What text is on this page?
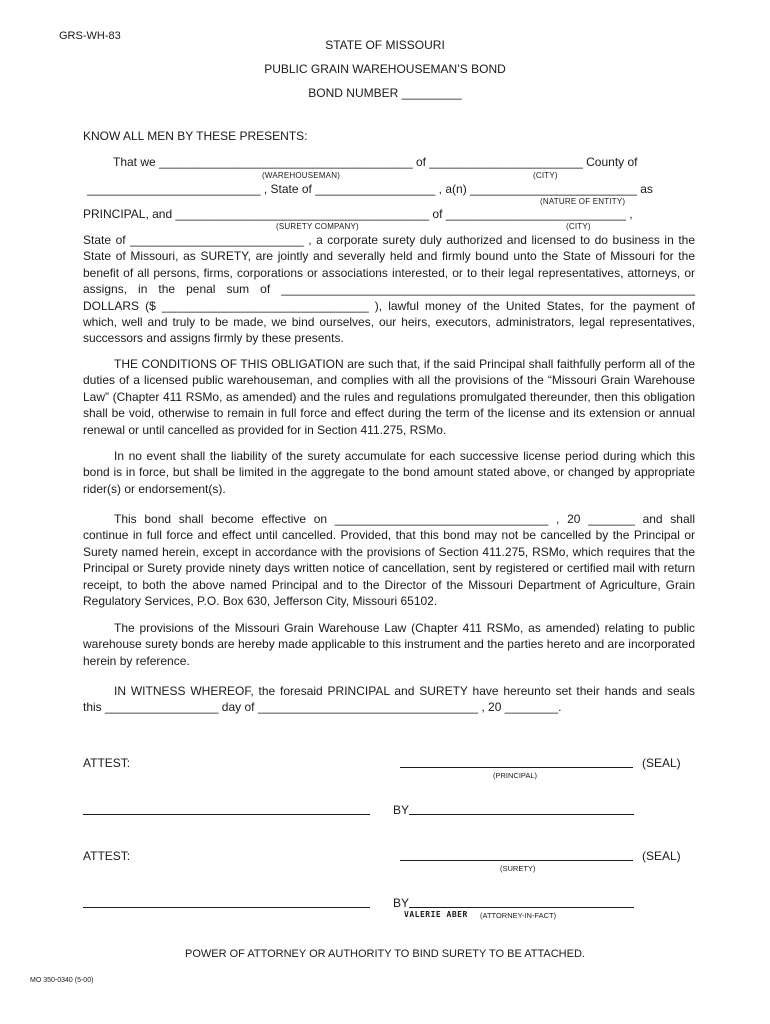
GRS-WH-83
STATE OF MISSOURI
PUBLIC GRAIN WAREHOUSEMAN’S BOND
BOND NUMBER _________
KNOW ALL MEN BY THESE PRESENTS:
That we ______________________________________ of _______________________ County of
(WAREHOUSEMAN)	(CITY)
__________________________ , State of __________________ , a(n) _________________________ as
(NATURE OF ENTITY)
PRINCIPAL, and ______________________________________ of ___________________________ ,
(SURETY COMPANY)	(CITY)

State of __________________________ , a corporate surety duly authorized and licensed to do business in the State of Missouri, as SURETY, are jointly and severally held and firmly bound unto the State of Missouri for the benefit of all persons, firms, corporations or associations interested, or to their legal representatives, attorneys, or assigns, in the penal sum of ______________________________________________________________ DOLLARS ($ _______________________________ ), lawful money of the United States, for the payment of which, well and truly to be made, we bind ourselves, our heirs, executors, administrators, legal representatives, successors and assigns firmly by these presents.

THE CONDITIONS OF THIS OBLIGATION are such that, if the said Principal shall faithfully perform all of the duties of a licensed public warehouseman, and complies with all the provisions of the “Missouri Grain Warehouse Law” (Chapter 411 RSMo, as amended) and the rules and regulations promulgated thereunder, then this obligation shall be void, otherwise to remain in full force and effect during the term of the license and its extension or annual renewal or until cancelled as provided for in Section 411.275, RSMo.

In no event shall the liability of the surety accumulate for each successive license period during which this bond is in force, but shall be limited in the aggregate to the bond amount stated above, or changed by appropriate rider(s) or endorsement(s).

This bond shall become effective on ________________________________ , 20 _______ and shall continue in full force and effect until cancelled. Provided, that this bond may not be cancelled by the Principal or Surety named herein, except in accordance with the provisions of Section 411.275, RSMo, which requires that the Principal or Surety provide ninety days written notice of cancellation, sent by registered or certified mail with return receipt, to both the above named Principal and to the Director of the Missouri Department of Agriculture, Grain Regulatory Services, P.O. Box 630, Jefferson City, Missouri 65102.

The provisions of the Missouri Grain Warehouse Law (Chapter 411 RSMo, as amended) relating to public warehouse surety bonds are hereby made applicable to this instrument and the parties hereto and are incorporated herein by reference.

IN WITNESS WHEREOF, the foresaid PRINCIPAL and SURETY have hereunto set their hands and seals this _________________ day of _________________________________ , 20 ________.

ATTEST:	(SEAL)
(PRINCIPAL)
BY
ATTEST:	(SEAL)
(SURETY)
BY
VALERIE ABER (ATTORNEY-IN-FACT)
POWER OF ATTORNEY OR AUTHORITY TO BIND SURETY TO BE ATTACHED.
MO 350-0340 (5-00)
